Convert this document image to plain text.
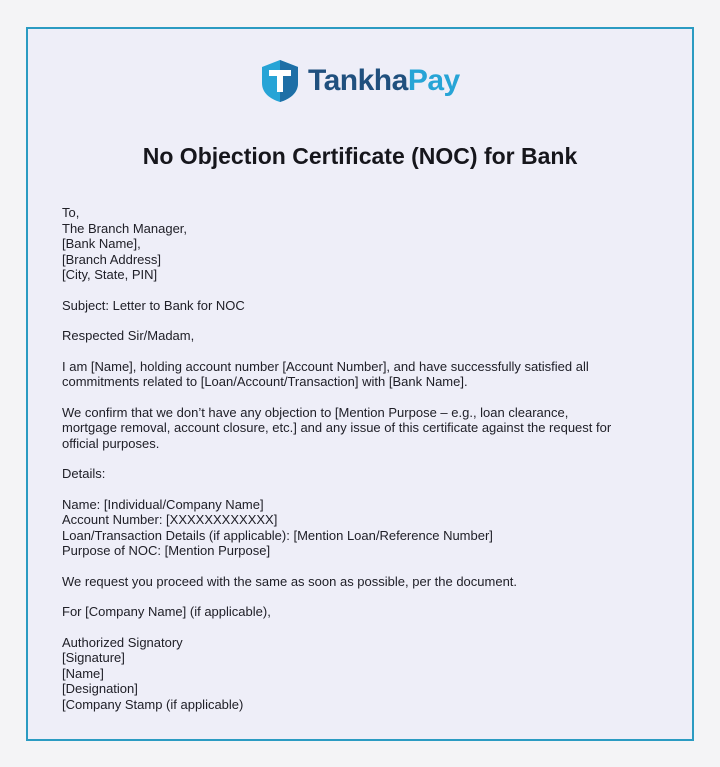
TankhaPay
No Objection Certificate (NOC) for Bank
To,
The Branch Manager,
[Bank Name],
[Branch Address]
[City, State, PIN]
Subject: Letter to Bank for NOC
Respected Sir/Madam,
I am [Name], holding account number [Account Number], and have successfully satisfied all
commitments related to [Loan/Account/Transaction] with [Bank Name].
We confirm that we don’t have any objection to [Mention Purpose – e.g., loan clearance,
mortgage removal, account closure, etc.] and any issue of this certificate against the request for
official purposes.
Details:
Name: [Individual/Company Name]
Account Number: [XXXXXXXXXXXX]
Loan/Transaction Details (if applicable): [Mention Loan/Reference Number]
Purpose of NOC: [Mention Purpose]
We request you proceed with the same as soon as possible, per the document.
For [Company Name] (if applicable),
Authorized Signatory
[Signature]
[Name]
[Designation]
[Company Stamp (if applicable)
